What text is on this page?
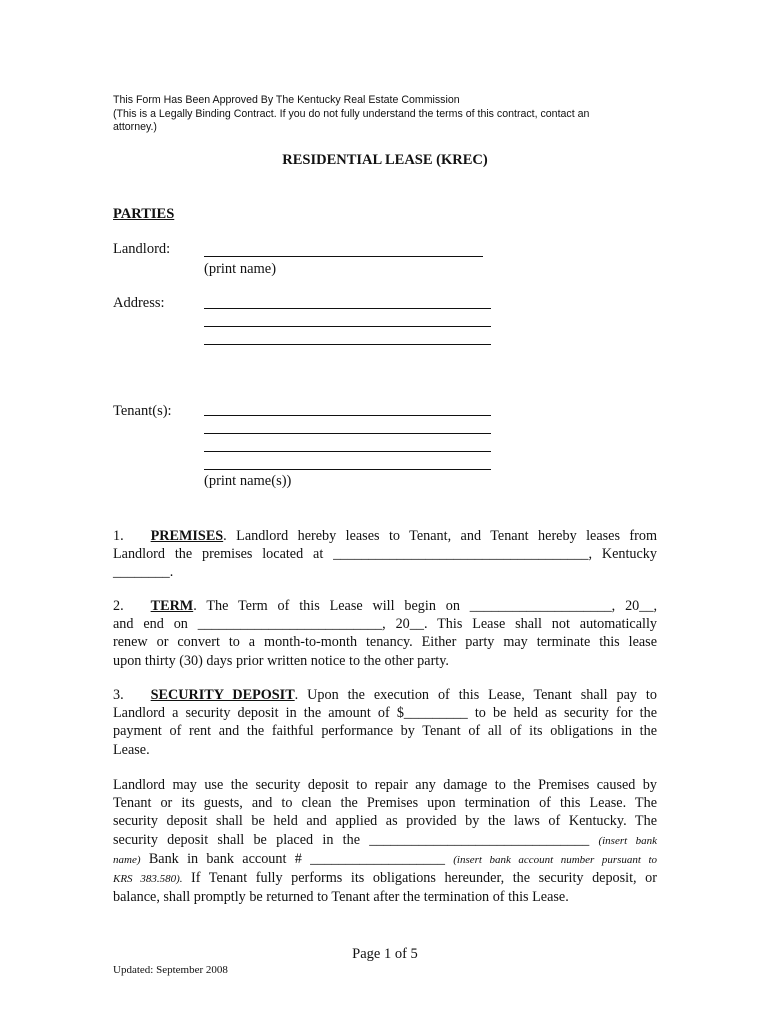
This Form Has Been Approved By The Kentucky Real Estate Commission
(This is a Legally Binding Contract. If you do not fully understand the terms of this contract, contact an
attorney.)
RESIDENTIAL LEASE (KREC)
PARTIES
Landlord:
(print name)
Address:
Tenant(s):
(print name(s))
1. PREMISES. Landlord hereby leases to Tenant, and Tenant hereby leases from
Landlord the premises located at ____________________________________, Kentucky
________.
2. TERM. The Term of this Lease will begin on ____________________, 20__,
and end on __________________________, 20__. This Lease shall not automatically
renew or convert to a month-to-month tenancy. Either party may terminate this lease
upon thirty (30) days prior written notice to the other party.
3. SECURITY DEPOSIT. Upon the execution of this Lease, Tenant shall pay to
Landlord a security deposit in the amount of $_________ to be held as security for the
payment of rent and the faithful performance by Tenant of all of its obligations in the
Lease.
Landlord may use the security deposit to repair any damage to the Premises caused by
Tenant or its guests, and to clean the Premises upon termination of this Lease. The
security deposit shall be held and applied as provided by the laws of Kentucky. The
security deposit shall be placed in the _______________________________ (insert bank
name) Bank in bank account # ___________________ (insert bank account number pursuant to
KRS 383.580). If Tenant fully performs its obligations hereunder, the security deposit, or
balance, shall promptly be returned to Tenant after the termination of this Lease.
Page 1 of 5
Updated: September 2008
